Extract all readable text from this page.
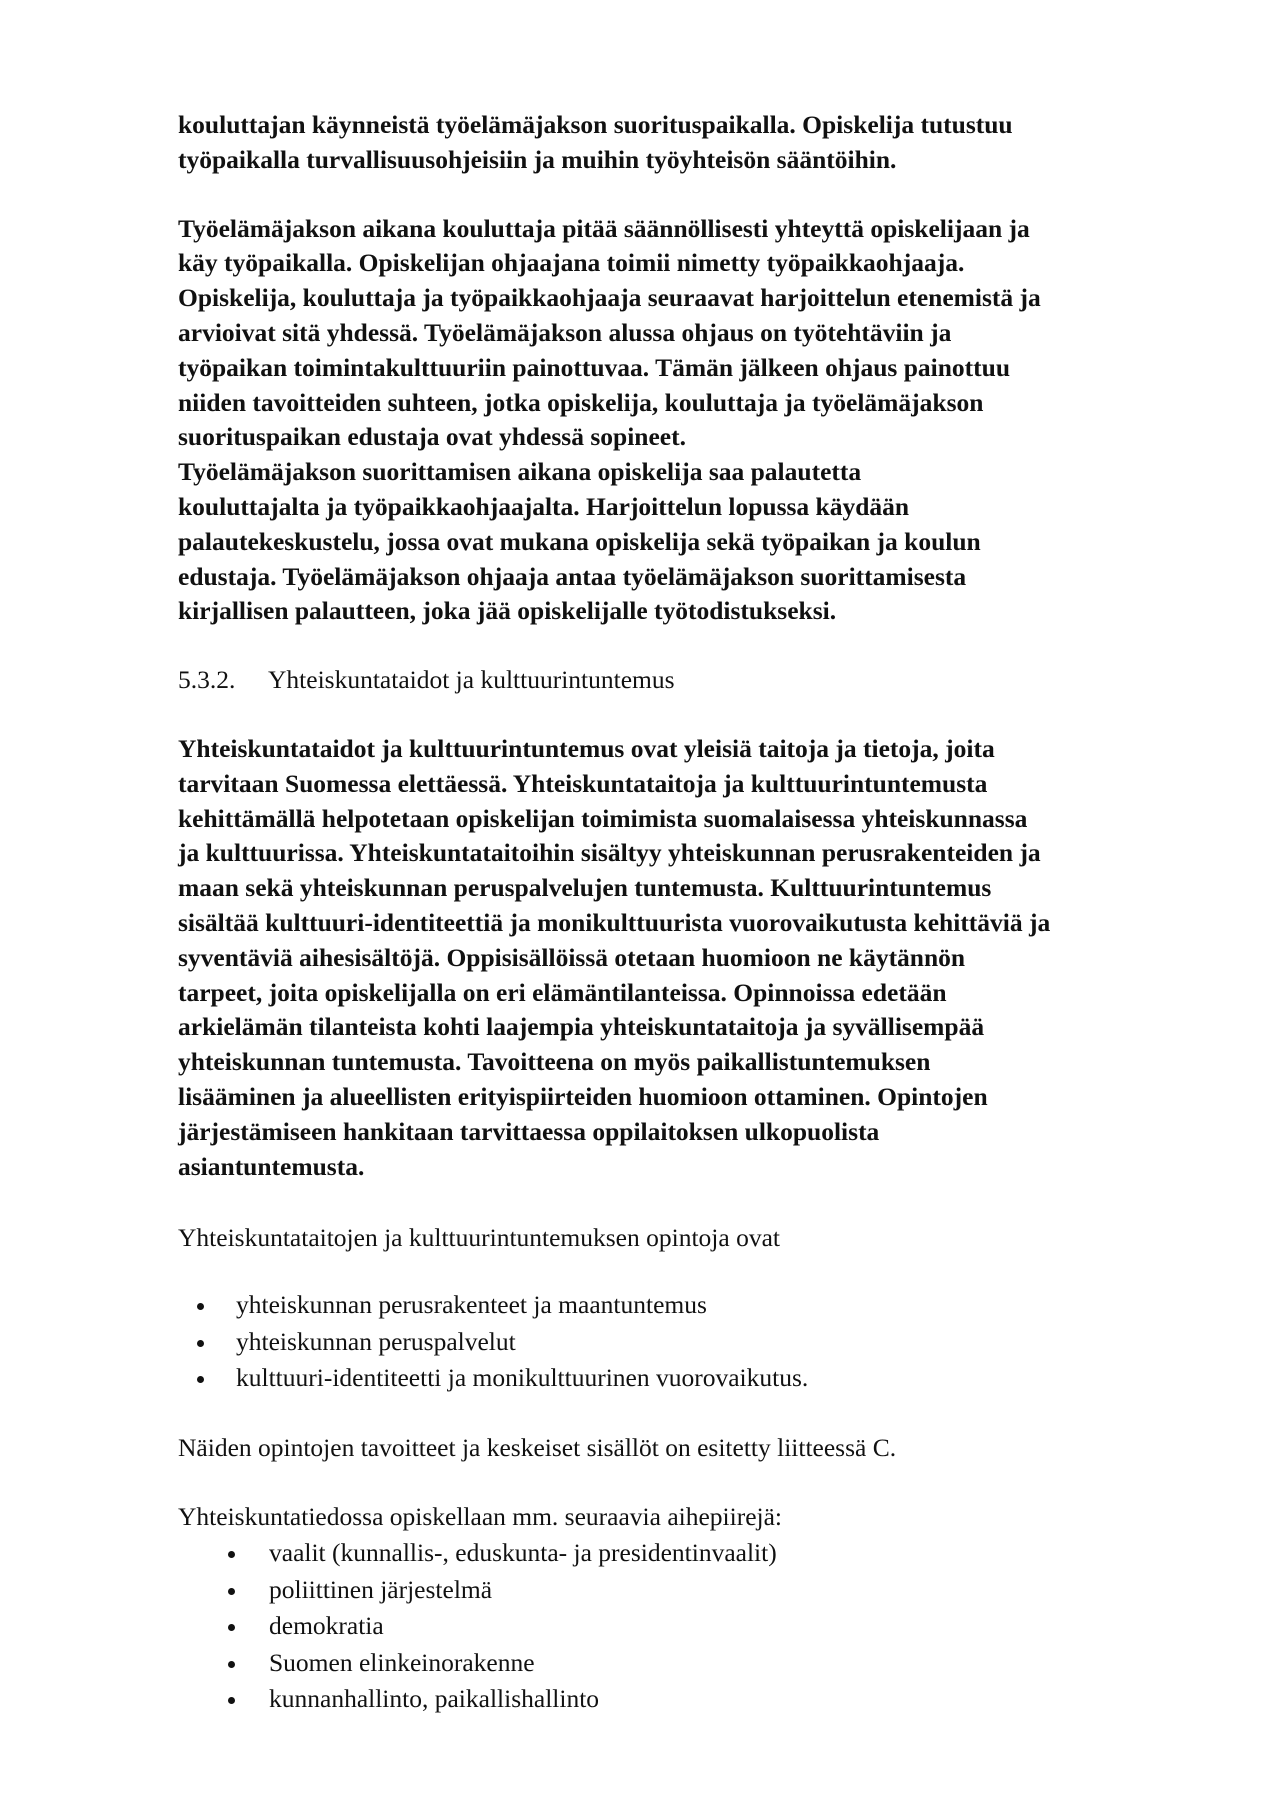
kouluttajan käynneistä työelämäjakson suorituspaikalla. Opiskelija tutustuu
työpaikalla turvallisuusohjeisiin ja muihin työyhteisön sääntöihin.

Työelämäjakson aikana kouluttaja pitää säännöllisesti yhteyttä opiskelijaan ja
käy työpaikalla. Opiskelijan ohjaajana toimii nimetty työpaikkaohjaaja.
Opiskelija, kouluttaja ja työpaikkaohjaaja seuraavat harjoittelun etenemistä ja
arvioivat sitä yhdessä. Työelämäjakson alussa ohjaus on työtehtäviin ja
työpaikan toimintakulttuuriin painottuvaa. Tämän jälkeen ohjaus painottuu
niiden tavoitteiden suhteen, jotka opiskelija, kouluttaja ja työelämäjakson
suorituspaikan edustaja ovat yhdessä sopineet.
Työelämäjakson suorittamisen aikana opiskelija saa palautetta
kouluttajalta ja työpaikkaohjaajalta. Harjoittelun lopussa käydään
palautekeskustelu, jossa ovat mukana opiskelija sekä työpaikan ja koulun
edustaja. Työelämäjakson ohjaaja antaa työelämäjakson suorittamisesta
kirjallisen palautteen, joka jää opiskelijalle työtodistukseksi.

5.3.2. Yhteiskuntataidot ja kulttuurintuntemus

Yhteiskuntataidot ja kulttuurintuntemus ovat yleisiä taitoja ja tietoja, joita
tarvitaan Suomessa elettäessä. Yhteiskuntataitoja ja kulttuurintuntemusta
kehittämällä helpotetaan opiskelijan toimimista suomalaisessa yhteiskunnassa
ja kulttuurissa. Yhteiskuntataitoihin sisältyy yhteiskunnan perusrakenteiden ja
maan sekä yhteiskunnan peruspalvelujen tuntemusta. Kulttuurintuntemus
sisältää kulttuuri-identiteettiä ja monikulttuurista vuorovaikutusta kehittäviä ja
syventäviä aihesisältöjä. Oppisisällöissä otetaan huomioon ne käytännön
tarpeet, joita opiskelijalla on eri elämäntilanteissa. Opinnoissa edetään
arkielämän tilanteista kohti laajempia yhteiskuntataitoja ja syvällisempää
yhteiskunnan tuntemusta. Tavoitteena on myös paikallistuntemuksen
lisääminen ja alueellisten erityispiirteiden huomioon ottaminen. Opintojen
järjestämiseen hankitaan tarvittaessa oppilaitoksen ulkopuolista
asiantuntemusta.

Yhteiskuntataitojen ja kulttuurintuntemuksen opintoja ovat

yhteiskunnan perusrakenteet ja maantuntemus
yhteiskunnan peruspalvelut
kulttuuri-identiteetti ja monikulttuurinen vuorovaikutus.

Näiden opintojen tavoitteet ja keskeiset sisällöt on esitetty liitteessä C.

Yhteiskuntatiedossa opiskellaan mm. seuraavia aihepiirejä:

vaalit (kunnallis-, eduskunta- ja presidentinvaalit)
poliittinen järjestelmä
demokratia
Suomen elinkeinorakenne
kunnanhallinto, paikallishallinto
